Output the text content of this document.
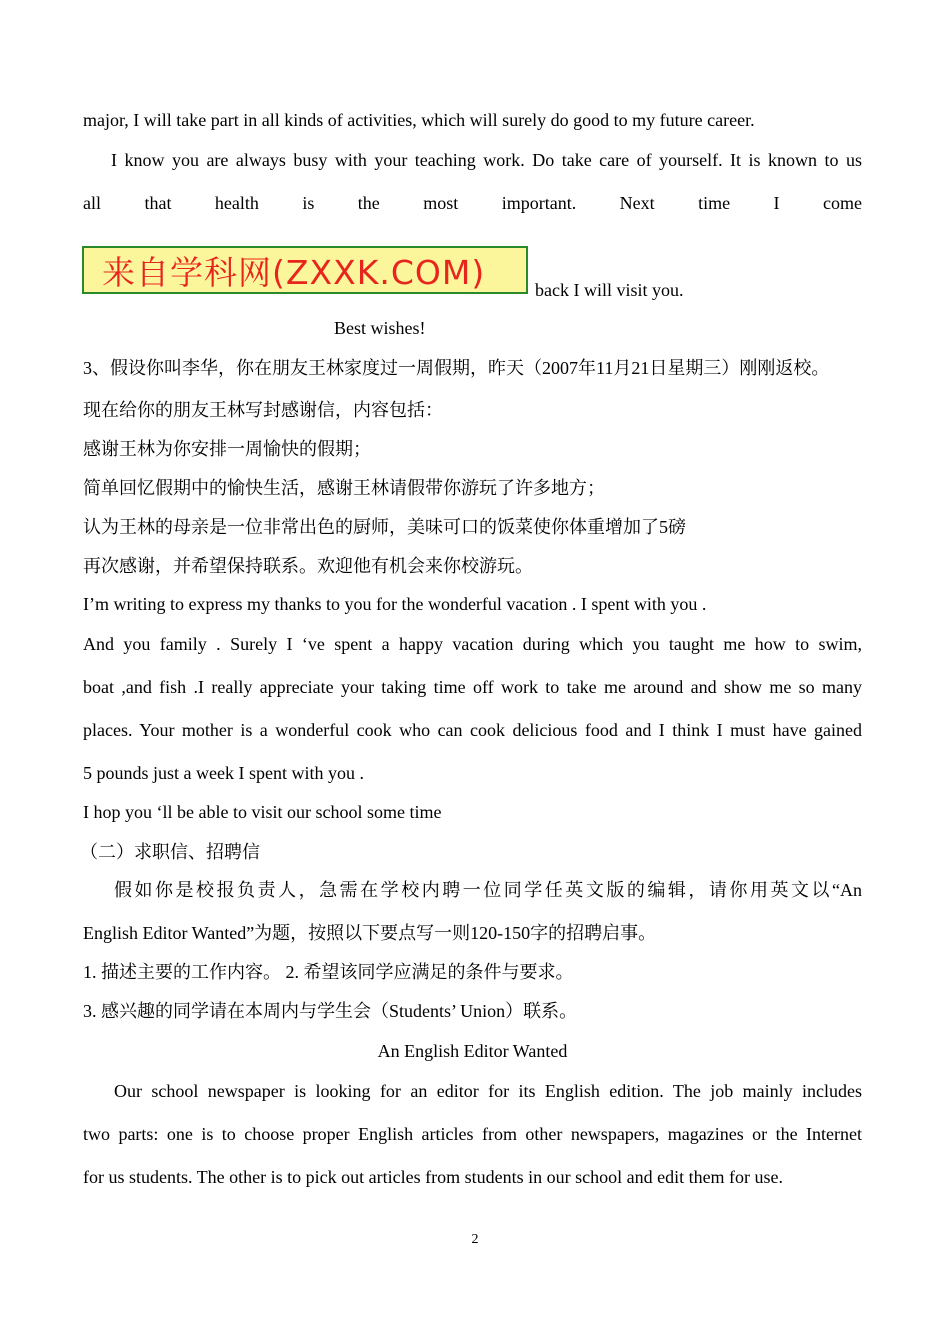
major, I will take part in all kinds of activities, which will surely do good to my future career.
I know you are always busy with your teaching work. Do take care of yourself. It is known to us
all that health is the most important. Next time I come
来自学科网(ZXXK.COM)	back I will visit you.
Best wishes!
3、假设你叫李华，你在朋友王林家度过一周假期，昨天（2007年11月21日星期三）刚刚返校。
现在给你的朋友王林写封感谢信，内容包括：
感谢王林为你安排一周愉快的假期；
简单回忆假期中的愉快生活，感谢王林请假带你游玩了许多地方；
认为王林的母亲是一位非常出色的厨师，美味可口的饭菜使你体重增加了5磅
再次感谢，并希望保持联系。欢迎他有机会来你校游玩。
I’m writing to express my thanks to you for the wonderful vacation . I spent with you .
And you family . Surely I ‘ve spent a happy vacation during which you taught me how to swim,
boat ,and fish .I really appreciate your taking time off work to take me around and show me so many
places. Your mother is a wonderful cook who can cook delicious food and I think I must have gained
5 pounds just a week I spent with you .
I hop you ‘ll be able to visit our school some time
（二）求职信、招聘信
假如你是校报负责人，急需在学校内聘一位同学任英文版的编辑，请你用英文以“An
English Editor Wanted”为题，按照以下要点写一则120-150字的招聘启事。
1. 描述主要的工作内容。 2. 希望该同学应满足的条件与要求。
3. 感兴趣的同学请在本周内与学生会（Students’ Union）联系。
An English Editor Wanted
Our school newspaper is looking for an editor for its English edition. The job mainly includes
two parts: one is to choose proper English articles from other newspapers, magazines or the Internet
for us students. The other is to pick out articles from students in our school and edit them for use.
2
